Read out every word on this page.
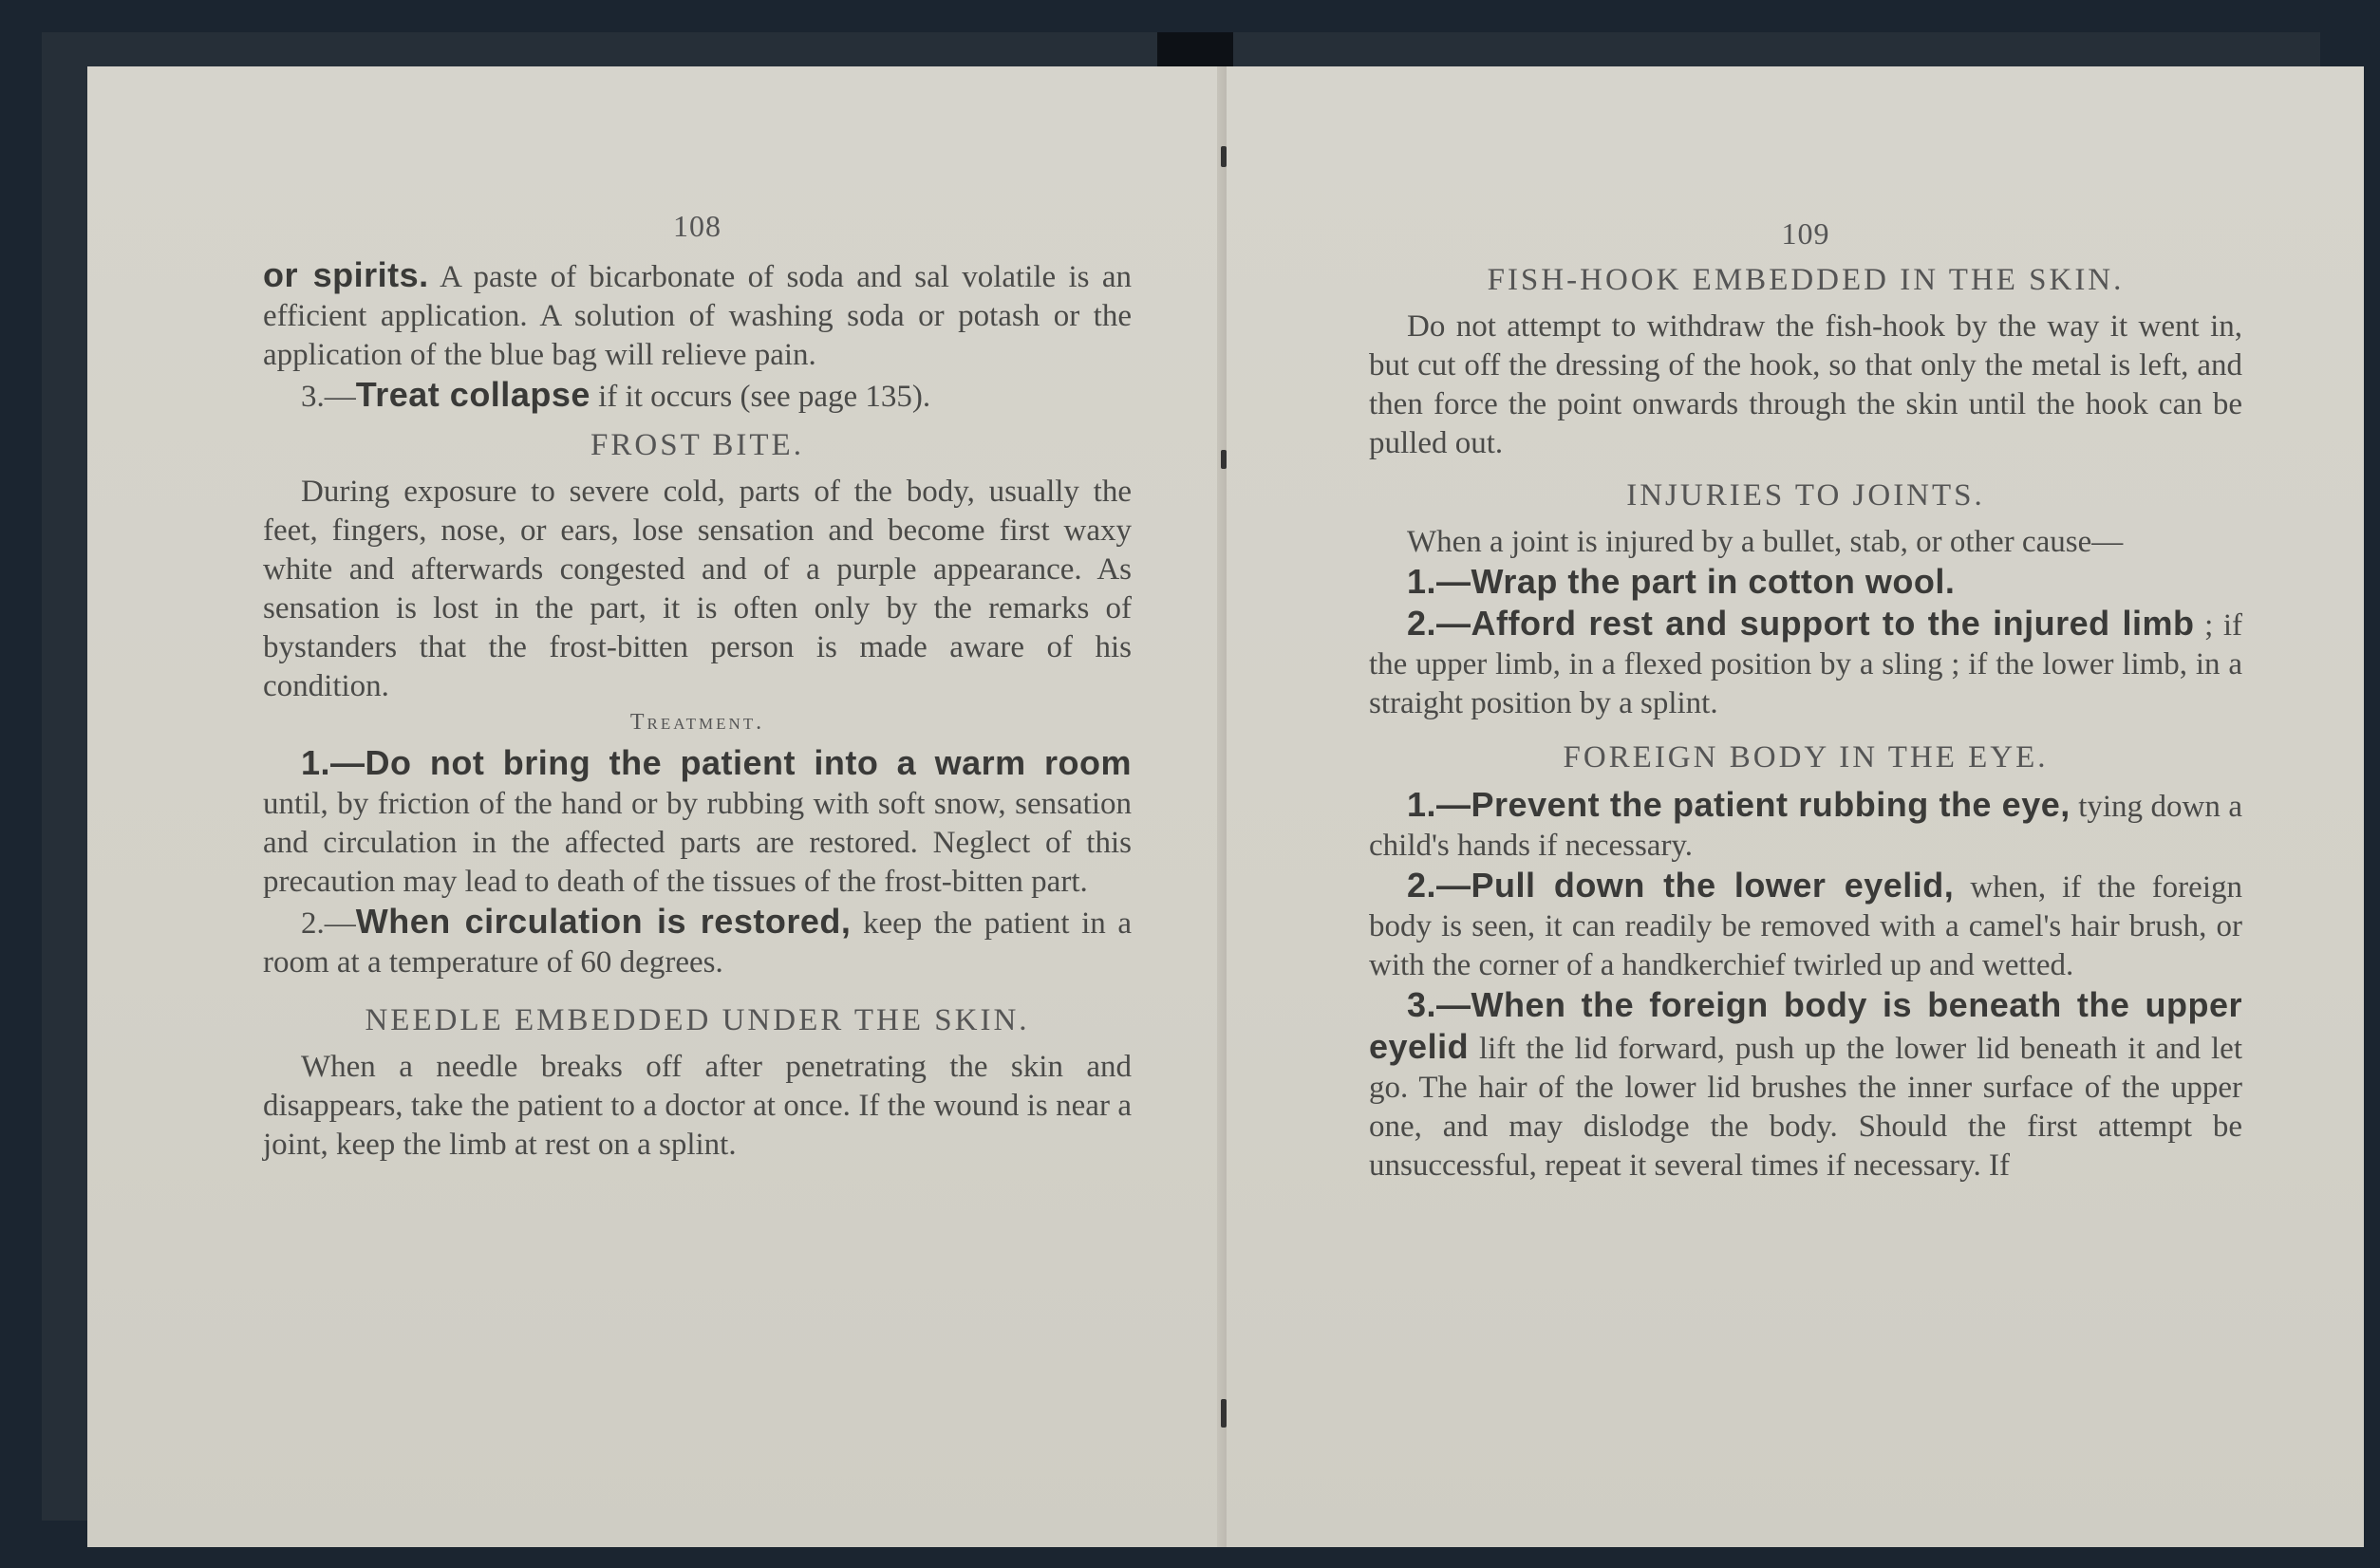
108

or spirits. A paste of bicarbonate of soda and sal volatile is an efficient application. A solution of washing soda or potash or the application of the blue bag will relieve pain.

3.—Treat collapse if it occurs (see page 135).

FROST BITE.

During exposure to severe cold, parts of the body, usually the feet, fingers, nose, or ears, lose sensation and become first waxy white and afterwards congested and of a purple appearance. As sensation is lost in the part, it is often only by the remarks of bystanders that the frost-bitten person is made aware of his condition.

Treatment.

1.—Do not bring the patient into a warm room until, by friction of the hand or by rubbing with soft snow, sensation and circulation in the affected parts are restored. Neglect of this precaution may lead to death of the tissues of the frost-bitten part.

2.—When circulation is restored, keep the patient in a room at a temperature of 60 degrees.

NEEDLE EMBEDDED UNDER THE SKIN.

When a needle breaks off after penetrating the skin and disappears, take the patient to a doctor at once. If the wound is near a joint, keep the limb at rest on a splint.

109
FISH-HOOK EMBEDDED IN THE SKIN.

Do not attempt to withdraw the fish-hook by the way it went in, but cut off the dressing of the hook, so that only the metal is left, and then force the point onwards through the skin until the hook can be pulled out.

INJURIES TO JOINTS.

When a joint is injured by a bullet, stab, or other cause—

1.—Wrap the part in cotton wool.

2.—Afford rest and support to the injured limb ; if the upper limb, in a flexed position by a sling ; if the lower limb, in a straight position by a splint.

FOREIGN BODY IN THE EYE.

1.—Prevent the patient rubbing the eye, tying down a child's hands if necessary.

2.—Pull down the lower eyelid, when, if the foreign body is seen, it can readily be removed with a camel's hair brush, or with the corner of a handkerchief twirled up and wetted.

3.—When the foreign body is beneath the upper eyelid lift the lid forward, push up the lower lid beneath it and let go. The hair of the lower lid brushes the inner surface of the upper one, and may dislodge the body. Should the first attempt be unsuccessful, repeat it several times if necessary. If
